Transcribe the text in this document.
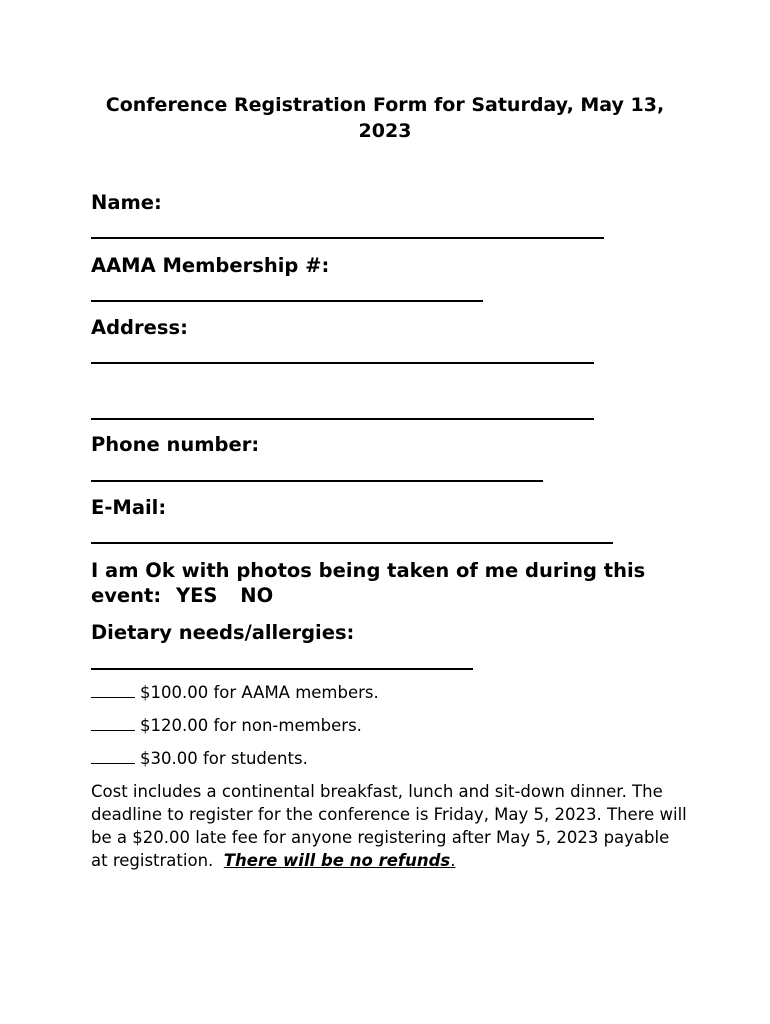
Conference Registration Form for Saturday, May 13, 2023
Name:
AAMA Membership #:
Address:
Phone number:
E-Mail:
I am Ok with photos being taken of me during this event: YES NO
Dietary needs/allergies:
$100.00 for AAMA members.
$120.00 for non-members.
$30.00 for students.
Cost includes a continental breakfast, lunch and sit-down dinner. The deadline to register for the conference is Friday, May 5, 2023. There will be a $20.00 late fee for anyone registering after May 5, 2023 payable at registration. There will be no refunds.
